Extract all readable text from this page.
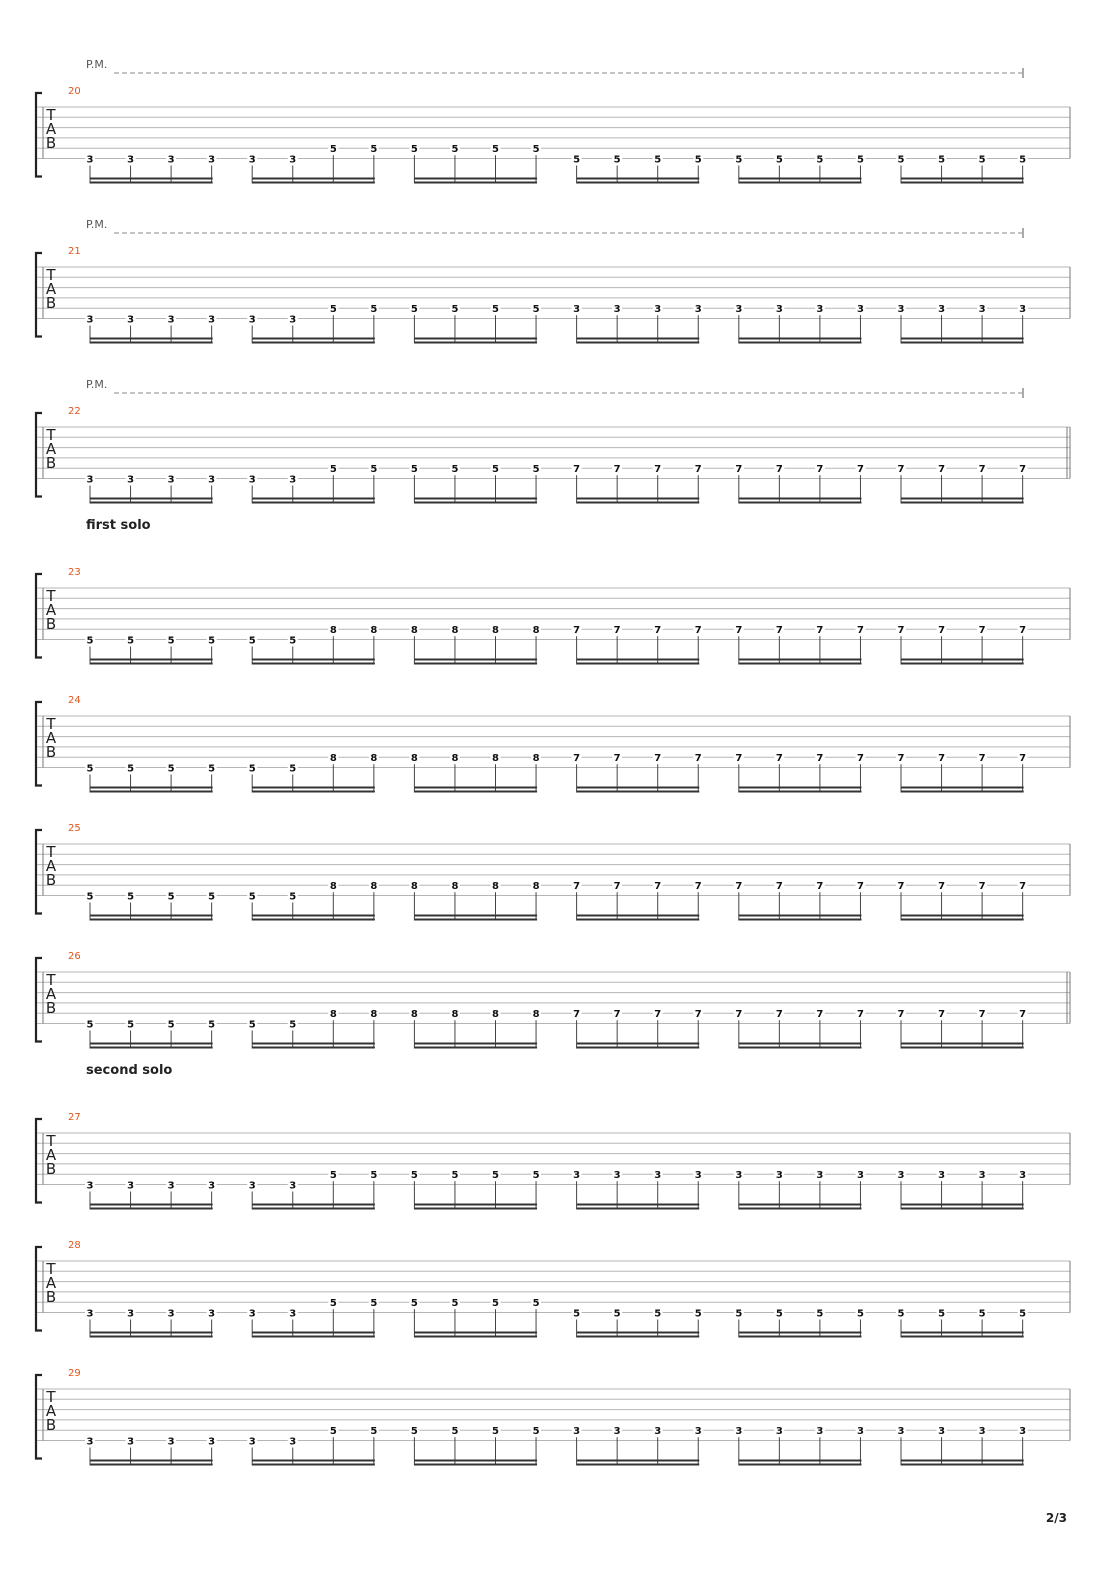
P.M.
20
T
A
B
3	3	3	3	3	3
5	5	5	5	5	5
5	5	5	5	5	5	5	5	5	5	5	5
P.M.
21
T
A
B
3	3	3	3	3	3
5	5	5	5	5	5	3	3	3	3	3	3	3	3	3	3	3	3
P.M.
22
T
A
B
3	3	3	3	3	3
5	5	5	5	5	5	7	7	7	7	7	7	7	7	7	7	7	7
first solo
23
T
A
B
5	5	5	5	5	5
8	8	8	8	8	8	7	7	7	7	7	7	7	7	7	7	7	7
24
T
A
B
5	5	5	5	5	5
8	8	8	8	8	8	7	7	7	7	7	7	7	7	7	7	7	7
25
T
A
B
5	5	5	5	5	5
8	8	8	8	8	8	7	7	7	7	7	7	7	7	7	7	7	7
26
T
A
B
5	5	5	5	5	5
8	8	8	8	8	8	7	7	7	7	7	7	7	7	7	7	7	7
second solo
27
T
A
B
3	3	3	3	3	3
5	5	5	5	5	5	3	3	3	3	3	3	3	3	3	3	3	3
28
T
A
B
3	3	3	3	3	3
5	5	5	5	5	5
5	5	5	5	5	5	5	5	5	5	5	5
29
T
A
B
3	3	3	3	3	3
5	5	5	5	5	5	3	3	3	3	3	3	3	3	3	3	3	3
2/3
